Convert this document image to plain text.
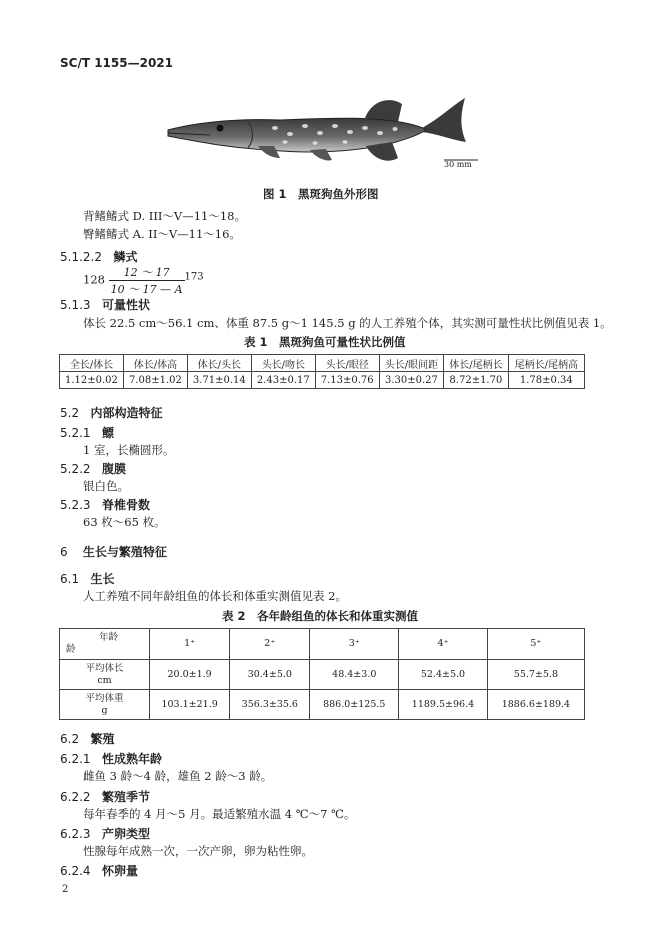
SC/T 1155—2021
30 mm
图 1　黑斑狗鱼外形图
背鳍鳍式 D. III～V—11～18。
臀鳍鳍式 A. II～V—11～16。
5.1.2.2 鳞式
$128 \frac{12 \sim 17}{10 \sim 17 — A} 173$
5.1.3 可量性状
体长 22.5 cm～56.1 cm、体重 87.5 g～1 145.5 g 的人工养殖个体，其实测可量性状比例值见表 1。
表 1　黑斑狗鱼可量性状比例值
全长/体长	体长/体高	体长/头长	头长/吻长	头长/眼径	头长/眼间距	体长/尾柄长	尾柄长/尾柄高
1.12±0.02	7.08±1.02	3.71±0.14	2.43±0.17	7.13±0.76	3.30±0.27	8.72±1.70	1.78±0.34
5.2 内部构造特征
5.2.1 鳔
1 室，长椭圆形。
5.2.2 腹膜
银白色。
5.2.3 脊椎骨数
63 枚～65 枚。
6 生长与繁殖特征
6.1 生长
人工养殖不同年龄组鱼的体长和体重实测值见表 2。
表 2　各年龄组鱼的体长和体重实测值
年龄
龄	1⁺	2⁺	3⁺	4⁺	5⁺

平均体长
cm	20.0±1.9	30.4±5.0	48.4±3.0	52.4±5.0	55.7±5.8

平均体重
g	103.1±21.9	356.3±35.6	886.0±125.5	1189.5±96.4	1886.6±189.4
6.2 繁殖
6.2.1 性成熟年龄
雌鱼 3 龄～4 龄，雄鱼 2 龄～3 龄。
6.2.2 繁殖季节
每年春季的 4 月～5 月。最适繁殖水温 4 ℃～7 ℃。
6.2.3 产卵类型
性腺每年成熟一次，一次产卵，卵为粘性卵。
6.2.4 怀卵量
2
